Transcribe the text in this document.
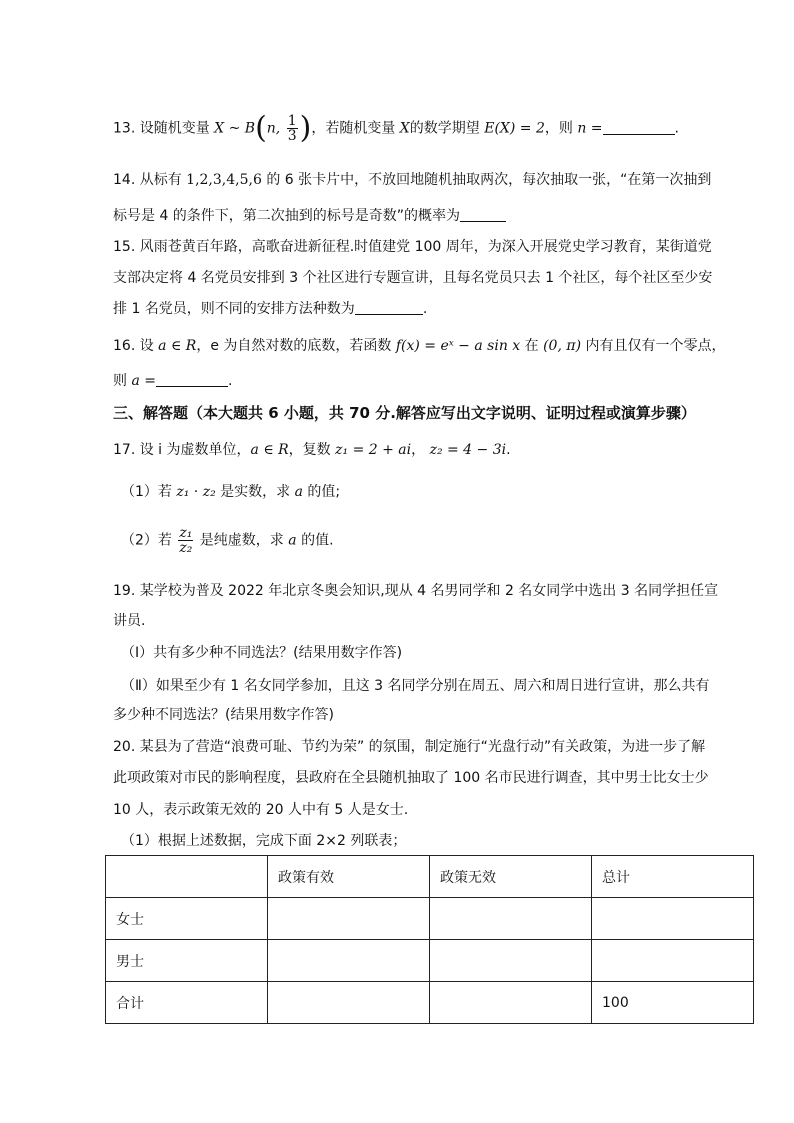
13. 设随机变量 X ~ B(n, $\frac{1}{3}$ )，若随机变量 X的数学期望 E(X) = 2，则 n =	.
14. 从标有 1,2,3,4,5,6 的 6 张卡片中，不放回地随机抽取两次，每次抽取一张，“在第一次抽到
标号是 4 的条件下，第二次抽到的标号是奇数”的概率为
15. 风雨苍黄百年路，高歌奋进新征程.时值建党 100 周年，为深入开展党史学习教育，某街道党
支部决定将 4 名党员安排到 3 个社区进行专题宣讲，且每名党员只去 1 个社区，每个社区至少安
排 1 名党员，则不同的安排方法种数为	.
16. 设 a ∈ R，e 为自然对数的底数，若函数 f(x) = eˣ − a sin x 在 (0, π) 内有且仅有一个零点，
则 a =	.
三、解答题（本大题共 6 小题，共 70 分.解答应写出文字说明、证明过程或演算步骤）
17. 设 i 为虚数单位，a ∈ R，复数 z₁ = 2 + ai， z₂ = 4 − 3i.
（1）若 z₁ · z₂ 是实数，求 a 的值;
（2）若 $\frac{\text{z₁}}{\text{z₂}}$ 是纯虚数，求 a 的值.
19. 某学校为普及 2022 年北京冬奥会知识,现从 4 名男同学和 2 名女同学中选出 3 名同学担任宣
讲员.
（Ⅰ）共有多少种不同选法？(结果用数字作答)
（Ⅱ）如果至少有 1 名女同学参加，且这 3 名同学分别在周五、周六和周日进行宣讲，那么共有
多少种不同选法？(结果用数字作答)
20. 某县为了营造“浪费可耻、节约为荣” 的氛围，制定施行“光盘行动”有关政策，为进一步了解
此项政策对市民的影响程度，县政府在全县随机抽取了 100 名市民进行调查，其中男士比女士少
10 人，表示政策无效的 20 人中有 5 人是女士.
（1）根据上述数据，完成下面 2×2 列联表；
	政策有效	政策无效	总计
女士			
男士			
合计			100
